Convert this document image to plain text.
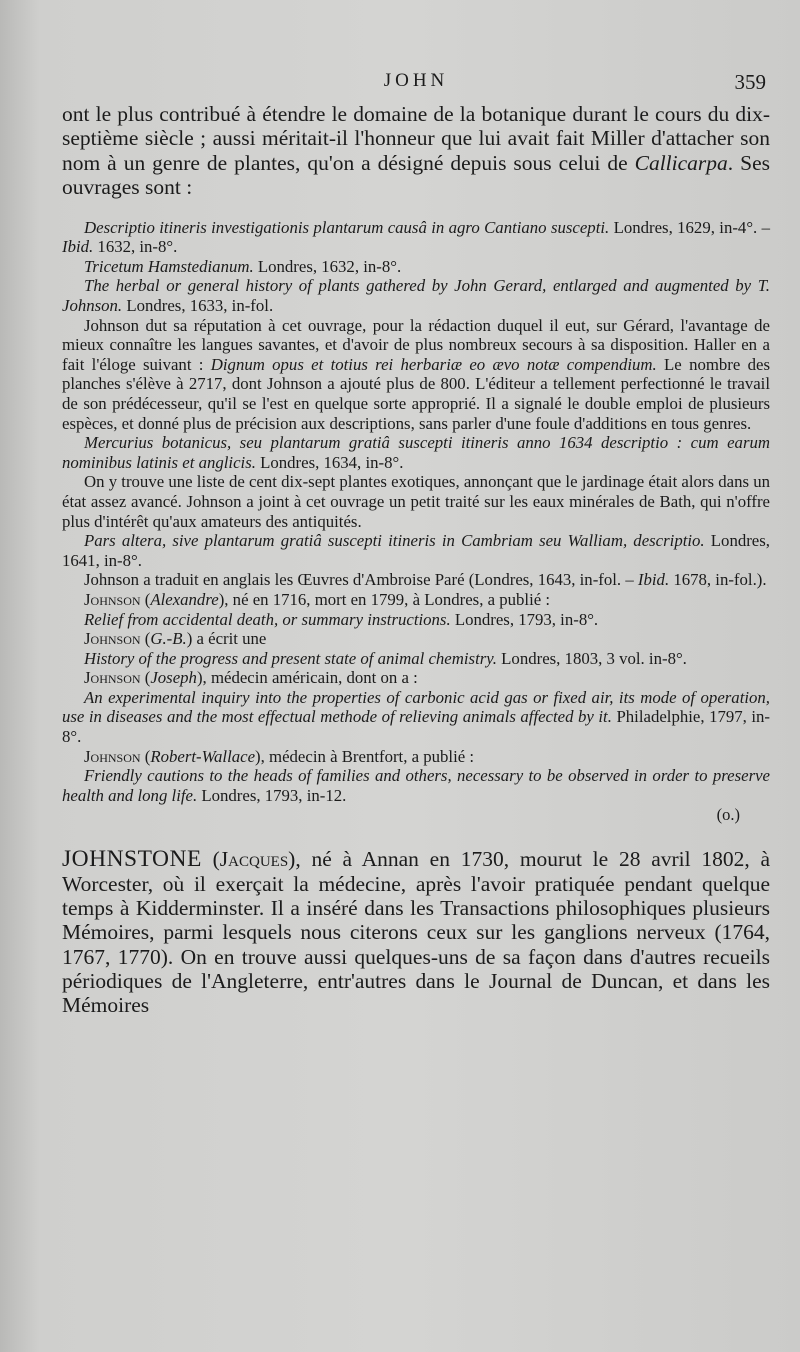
JOHN	359

ont le plus contribué à étendre le domaine de la botanique durant le cours du dix-septième siècle ; aussi méritait-il l'honneur que lui avait fait Miller d'attacher son nom à un genre de plantes, qu'on a désigné depuis sous celui de Callicarpa. Ses ouvrages sont :

Descriptio itineris investigationis plantarum causâ in agro Cantiano suscepti. Londres, 1629, in-4°. – Ibid. 1632, in-8°.

Tricetum Hamstedianum. Londres, 1632, in-8°.

The herbal or general history of plants gathered by John Gerard, entlarged and augmented by T. Johnson. Londres, 1633, in-fol.

Johnson dut sa réputation à cet ouvrage, pour la rédaction duquel il eut, sur Gérard, l'avantage de mieux connaître les langues savantes, et d'avoir de plus nombreux secours à sa disposition. Haller en a fait l'éloge suivant : Dignum opus et totius rei herbariæ eo ævo notæ compendium. Le nombre des planches s'élève à 2717, dont Johnson a ajouté plus de 800. L'éditeur a tellement perfectionné le travail de son prédécesseur, qu'il se l'est en quelque sorte approprié. Il a signalé le double emploi de plusieurs espèces, et donné plus de précision aux descriptions, sans parler d'une foule d'additions en tous genres.

Mercurius botanicus, seu plantarum gratiâ suscepti itineris anno 1634 descriptio : cum earum nominibus latinis et anglicis. Londres, 1634, in-8°.

On y trouve une liste de cent dix-sept plantes exotiques, annonçant que le jardinage était alors dans un état assez avancé. Johnson a joint à cet ouvrage un petit traité sur les eaux minérales de Bath, qui n'offre plus d'intérêt qu'aux amateurs des antiquités.

Pars altera, sive plantarum gratiâ suscepti itineris in Cambriam seu Walliam, descriptio. Londres, 1641, in-8°.

Johnson a traduit en anglais les Œuvres d'Ambroise Paré (Londres, 1643, in-fol. – Ibid. 1678, in-fol.).

Johnson (Alexandre), né en 1716, mort en 1799, à Londres, a publié :

Relief from accidental death, or summary instructions. Londres, 1793, in-8°.

Johnson (G.-B.) a écrit une

History of the progress and present state of animal chemistry. Londres, 1803, 3 vol. in-8°.

Johnson (Joseph), médecin américain, dont on a :

An experimental inquiry into the properties of carbonic acid gas or fixed air, its mode of operation, use in diseases and the most effectual methode of relieving animals affected by it. Philadelphie, 1797, in-8°.

Johnson (Robert-Wallace), médecin à Brentfort, a publié :

Friendly cautions to the heads of families and others, necessary to be observed in order to preserve health and long life. Londres, 1793, in-12.

(o.)

JOHNSTONE (Jacques), né à Annan en 1730, mourut le 28 avril 1802, à Worcester, où il exerçait la médecine, après l'avoir pratiquée pendant quelque temps à Kidderminster. Il a inséré dans les Transactions philosophiques plusieurs Mémoires, parmi lesquels nous citerons ceux sur les ganglions nerveux (1764, 1767, 1770). On en trouve aussi quelques-uns de sa façon dans d'autres recueils périodiques de l'Angleterre, entr'autres dans le Journal de Duncan, et dans les Mémoires
